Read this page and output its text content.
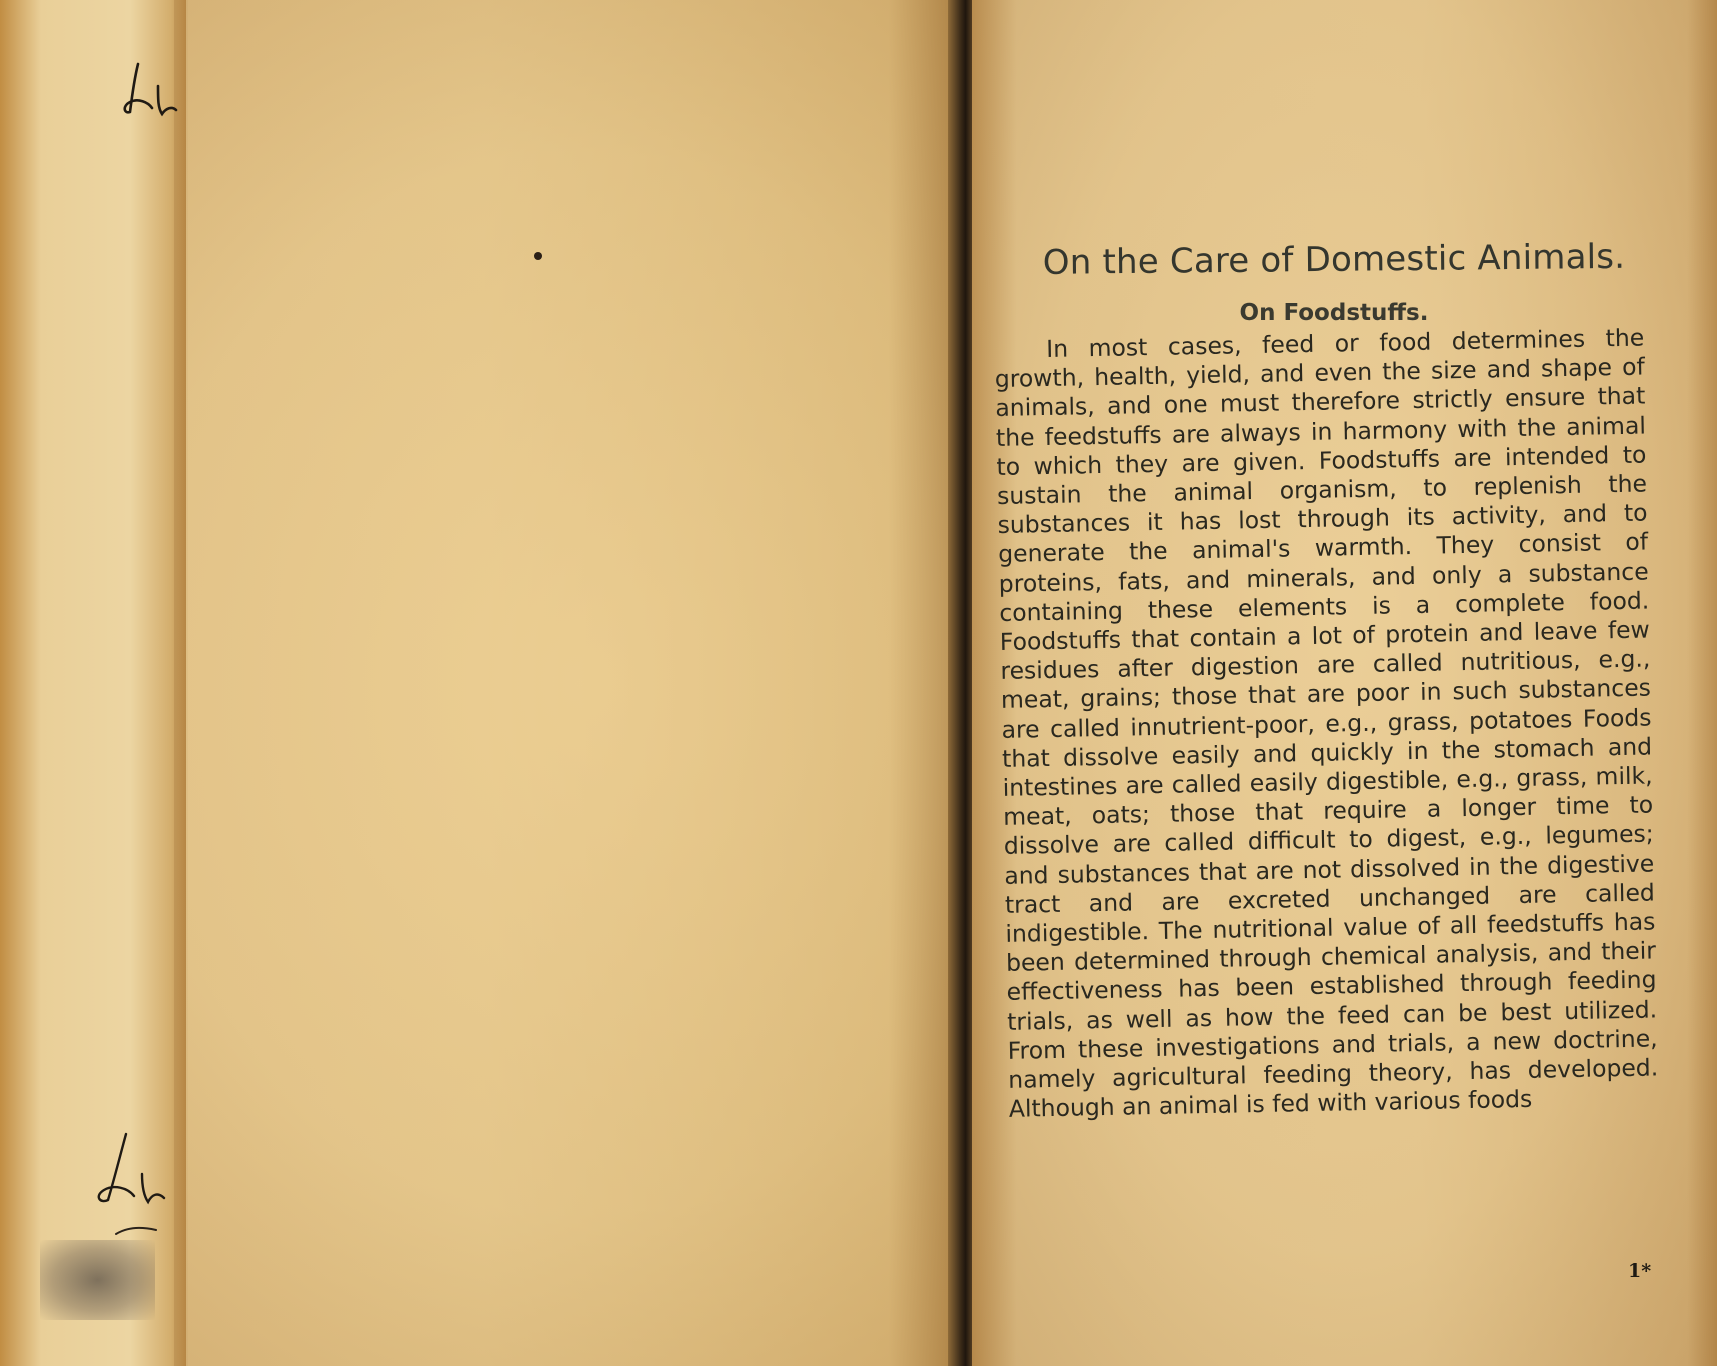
On the Care of Domestic Animals.
On Foodstuffs.

In most cases, feed or food determines the growth, health, yield, and even the size and shape of animals, and one must therefore strictly ensure that the feedstuffs are always in harmony with the animal to which they are given. Foodstuffs are intended to sustain the animal organism, to replenish the substances it has lost through its activity, and to generate the animal's warmth. They consist of proteins, fats, and minerals, and only a substance containing these elements is a complete food. Foodstuffs that contain a lot of protein and leave few residues after digestion are called nutritious, e.g., meat, grains; those that are poor in such substances are called innutrient-poor, e.g., grass, potatoes Foods that dissolve easily and quickly in the stomach and intestines are called easily digestible, e.g., grass, milk, meat, oats; those that require a longer time to dissolve are called difficult to digest, e.g., legumes; and substances that are not dissolved in the digestive tract and are excreted unchanged are called indigestible. The nutritional value of all feedstuffs has been determined through chemical analysis, and their effectiveness has been established through feeding trials, as well as how the feed can be best utilized. From these investigations and trials, a new doctrine, namely agricultural feeding theory, has developed. Although an animal is fed with various foods

1*
